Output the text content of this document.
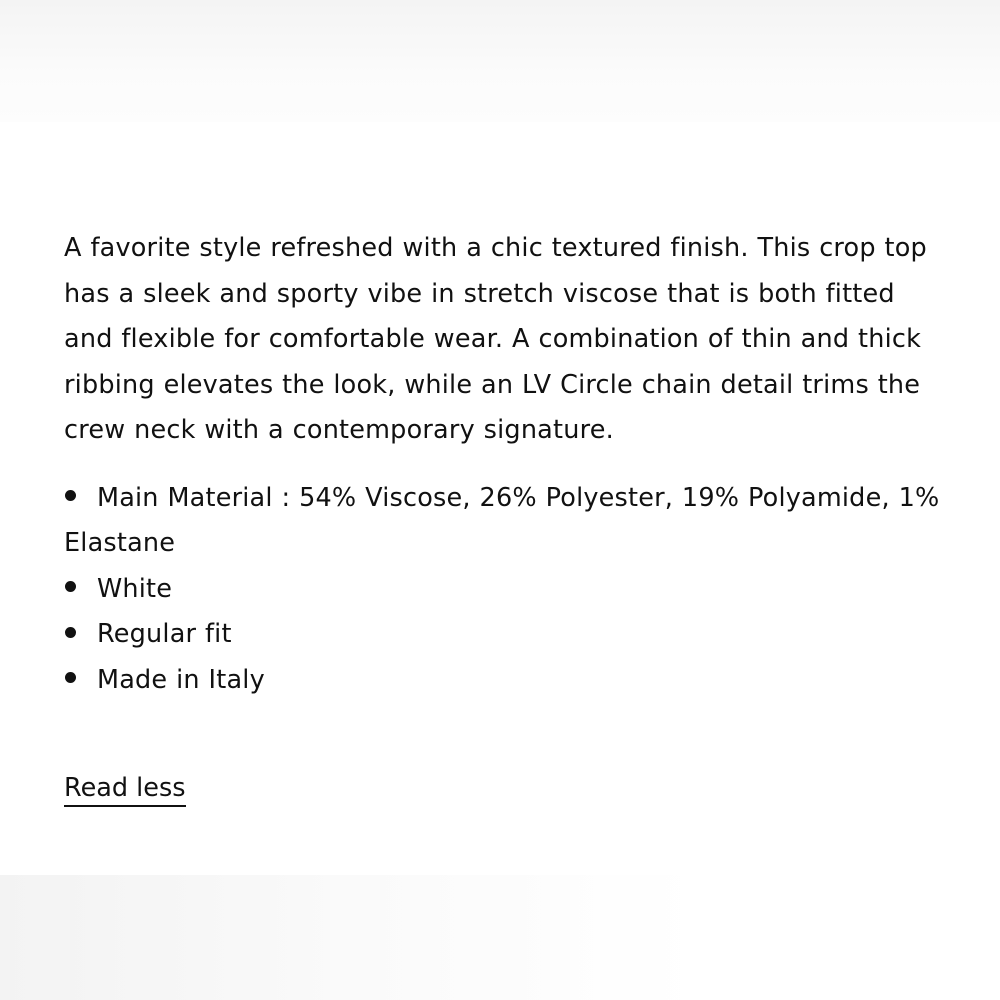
A favorite style refreshed with a chic textured finish. This crop top has a sleek and sporty vibe in stretch viscose that is both fitted and flexible for comfortable wear. A combination of thin and thick ribbing elevates the look, while an LV Circle chain detail trims the crew neck with a contemporary signature.

Main Material : 54% Viscose, 26% Polyester, 19% Polyamide, 1% Elastane
White
Regular fit
Made in Italy
Read less
